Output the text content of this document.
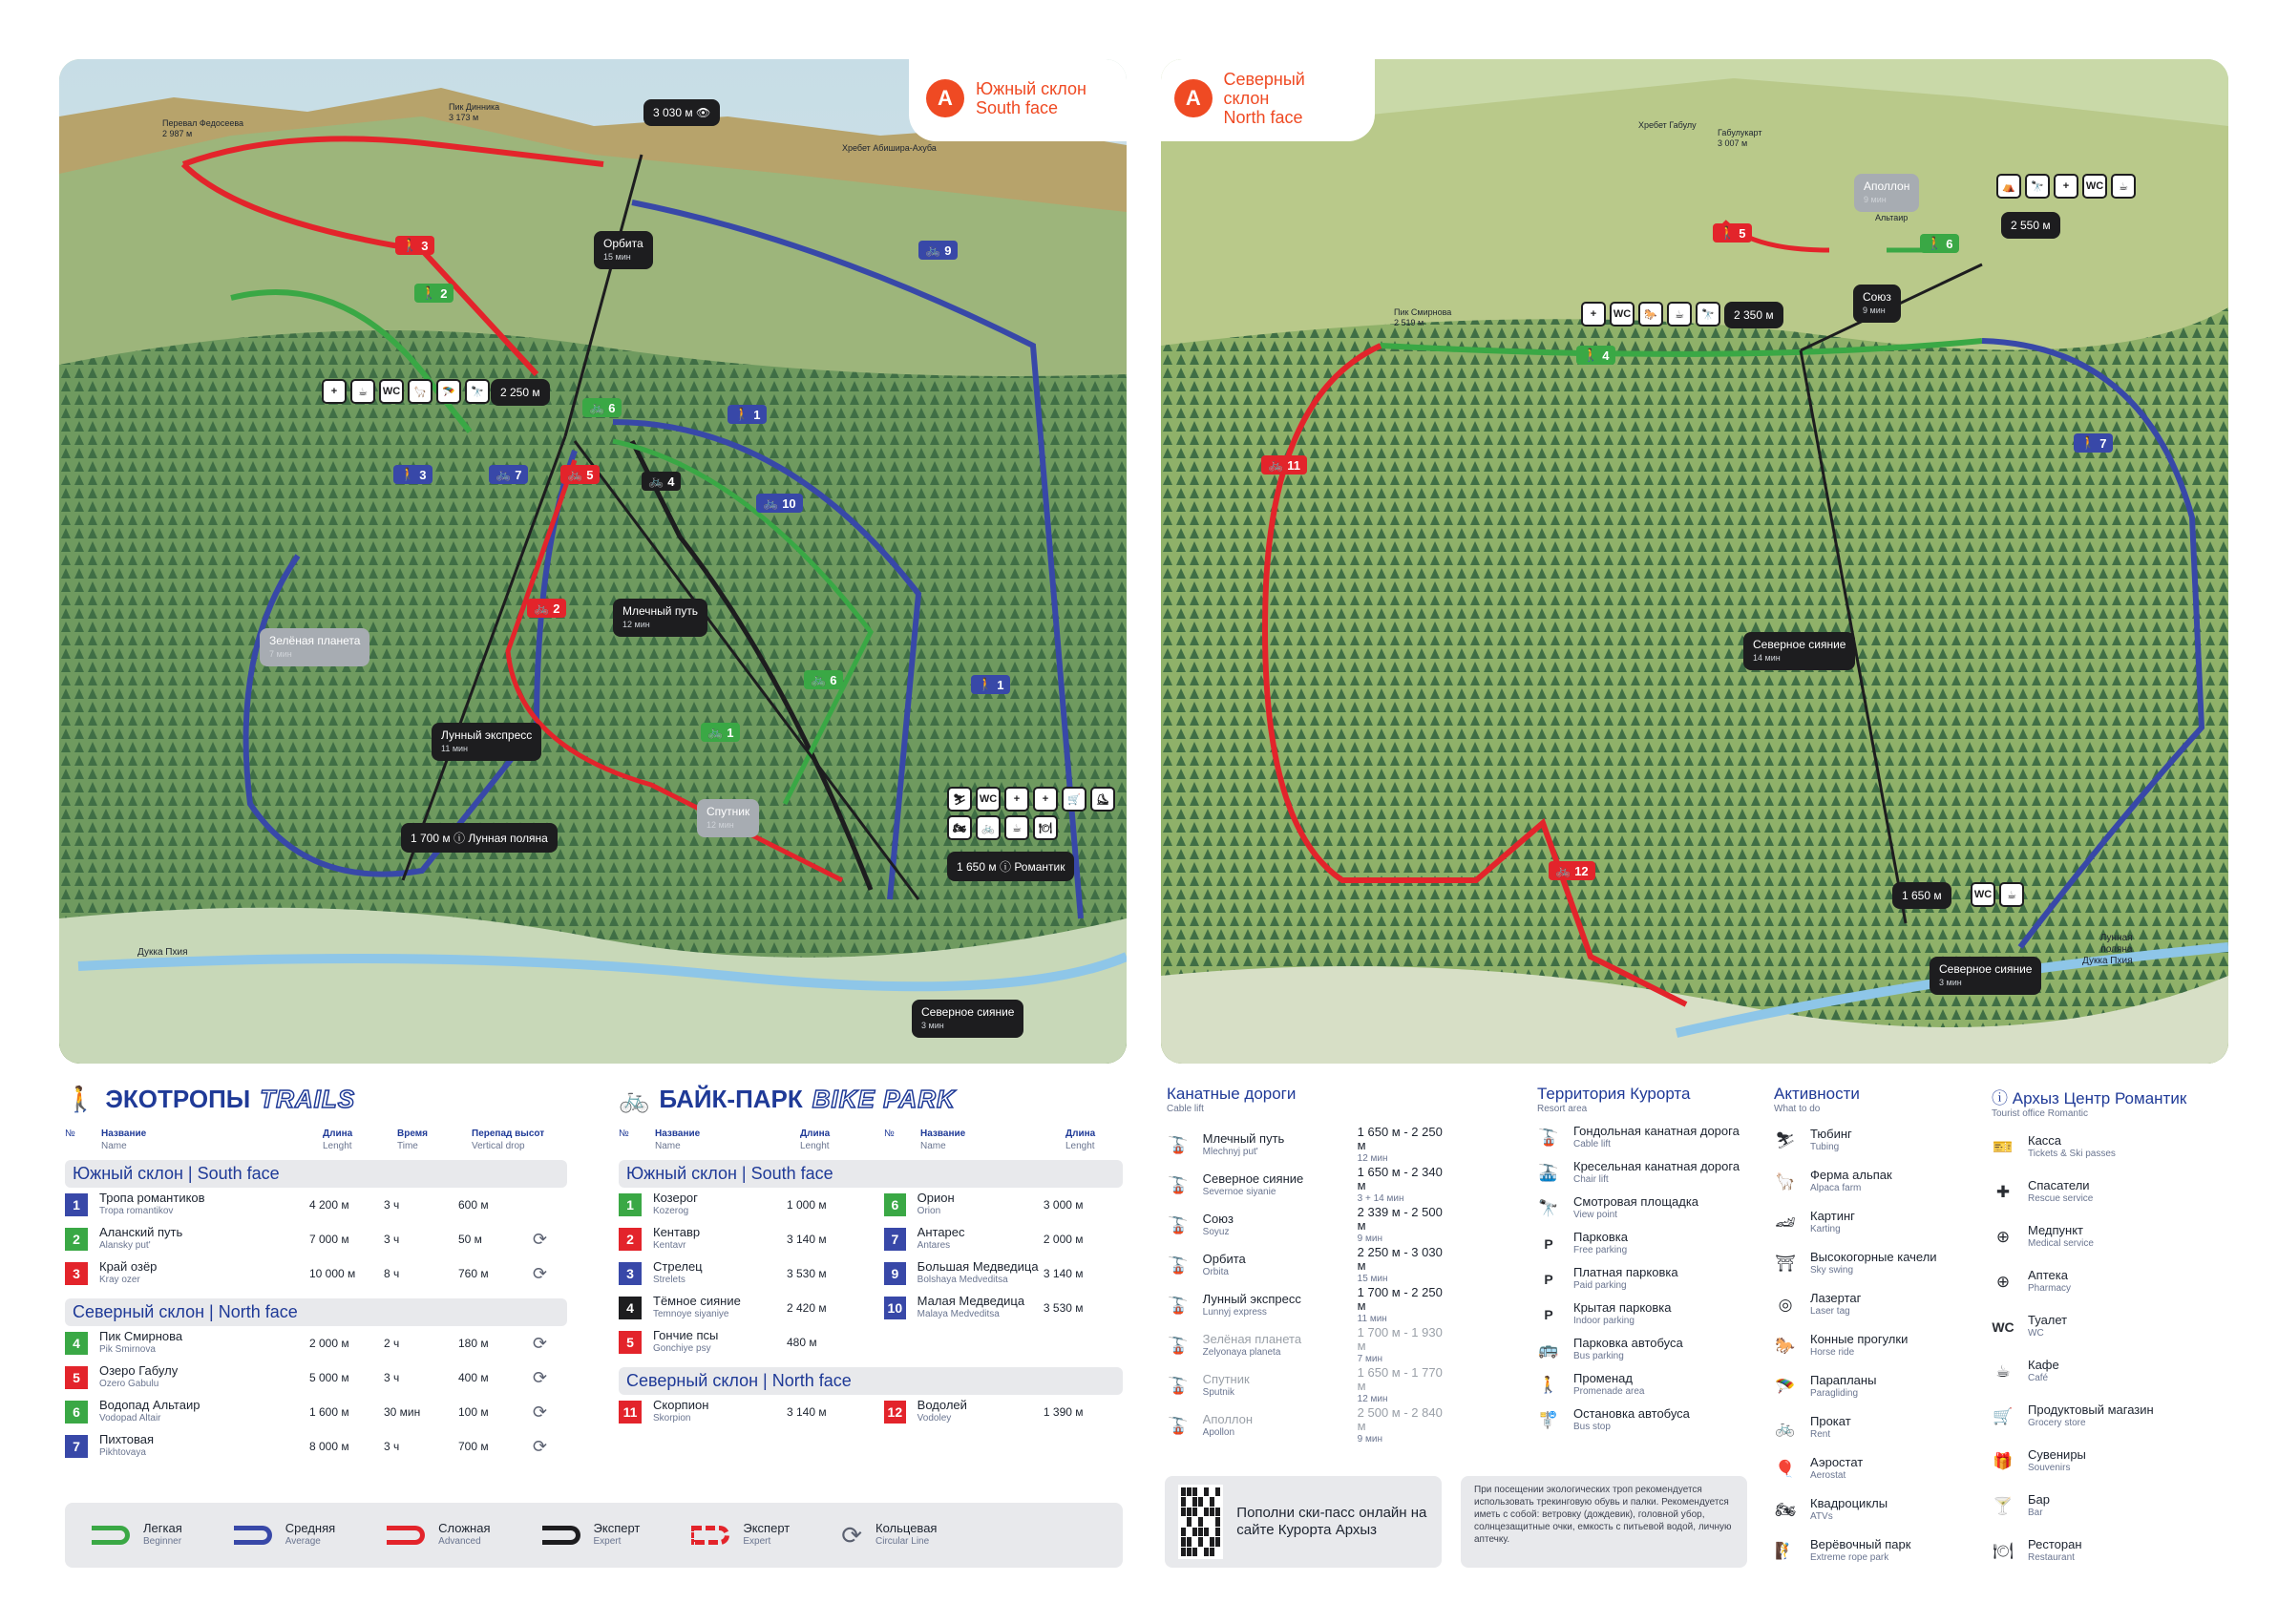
A	Южный склон
South face
Перевал Федосеева
2 987 м
Пик Динника
3 173 м
Хребет Абишира-Ахуба
3 030 м 👁
Орбита
15 мин
+	☕	WC	🦙	🪂	🔭	2 250 м
Млечный путь
12 мин
Лунный экспресс
11 мин
Зелёная планета
7 мин
Спутник
12 мин
Северное сияние
3 мин
1 700 м ⓘ Лунная поляна
⛷	WC	+	+	🛒	⛸
🏍	🚲	☕	🍽
1 650 м ⓘ Романтик
Дукка Пхия
🚶 3
🚶 2
🚲 6	🚶 1
🚶 3	🚲 7	🚲 5	🚲 4
🚲 10
🚲 2
🚲 6
🚲 1
🚶 1
🚲 9
A
Северный склон
North face	Хребет Габулу
Габулукарт
3 007 м
Пик Смирнова
2 519 м

Альтаир
Аполлон
9 мин
⛺	🔭	+	WC	☕
2 550 м
Союз
9 мин
+	WC	🐎	☕	🔭	2 350 м
Северное сияние
14 мин
1 650 м	WC	☕
Северное сияние
3 мин
Лунная
поляна
Дукка Пхия
🚶 5
🚶 6
🚶 4
🚲 11
🚶 7
🚲 12
🚶 ЭКОТРОПЫ TRAILS
№	Название
Name
Длина
Lenght
Время
Time
Перепад высот
Vertical drop
Южный склон | South face
1	Тропа романтиков
Tropa romantikov	4 200 м	3 ч	600 м
2	Аланский путь
Alansky put'	7 000 м	3 ч	50 м	⟳
3	Край озёр
Kray ozer	10 000 м	8 ч	760 м	⟳
Северный склон | North face
4	Пик Смирнова
Pik Smirnova	2 000 м	2 ч	180 м	⟳
5	Озеро Габулу
Ozero Gabulu	5 000 м	3 ч	400 м	⟳
6	Водопад Альтаир
Vodopad Altair	1 600 м	30 мин	100 м	⟳
7	Пихтовая
Pikhtovaya	8 000 м	3 ч	700 м	⟳
🚲 БАЙК-ПАРК BIKE PARK
№	Название
Name
Длина
Lenght
№	Название
Name
Длина
Lenght
Южный склон | South face
1	Козерог
Kozerog	1 000 м
2	Кентавр
Kentavr	3 140 м
3	Стрелец
Strelets	3 530 м
4	Тёмное сияние
Temnoye siyaniye	2 420 м
5	Гончие псы
Gonchiye psy	480 м
6	Орион
Orion	3 000 м
7	Антарес
Antares	2 000 м
9	Большая Медведица
Bolshaya Medveditsa	3 140 м
10 Малая Медведица
Malaya Medveditsa	3 530 м
Северный склон | North face
11	Скорпион
Skorpion	3 140 м	12 Водолей
Vodoley	1 390 м
Легкая
Beginner
Средняя
Average
Сложная
Advanced
Эксперт
Expert
Эксперт
Expert	⟳ Кольцевая
Circular Line
Канатные дороги
Cable lift
🚡 Млечный путь
Mlechnyj put'
1 650 м - 2 250 м
12 мин
🚡 Северное сияние
Severnoe siyanie
1 650 м - 2 340 м
3 + 14 мин
🚡 Союз
Soyuz
2 339 м - 2 500 м
9 мин
🚡 Орбита
Orbita
2 250 м - 3 030 м
15 мин
🚡 Лунный экспресс
Lunnyj express
1 700 м - 2 250 м
11 мин
🚡 Зелёная планета
Zelyonaya planeta
1 700 м - 1 930 м
7 мин
🚡 Спутник
Sputnik
1 650 м - 1 770 м
12 мин
🚡 Аполлон
Apollon
2 500 м - 2 840 м
9 мин
Территория Курорта
Resort area
🚡 Гондольная канатная дорога
Cable lift
🚠 Кресельная канатная дорога
Chair lift
🔭 Смотровая площадка
View point
P	Парковка
Free parking
P	Платная парковка
Paid parking
P	Крытая парковка
Indoor parking
🚌 Парковка автобуса
Bus parking
🚶 Променад
Promenade area
🚏 Остановка автобуса
Bus stop
Активности
What to do
⛷ Тюбинг
Tubing
🦙 Ферма альпак
Alpaca farm
🏎 Картинг
Karting
⛩ Высокогорные качели
Sky swing
◎	Лазертаг
Laser tag
🐎 Конные прогулки
Horse ride
🪂 Парапланы
Paragliding
🚲 Прокат
Rent
🎈 Аэростат
Aerostat
🏍 Квадроциклы
ATVs
🧗 Верёвочный парк
Extreme rope park
ⓘ Архыз Центр Романтик
Tourist office Romantic
🎫 Касса
Tickets & Ski passes
✚	Спасатели
Rescue service
⊕	Медпункт
Medical service
⊕	Аптека
Pharmacy
WC Туалет
WC
☕	Кафе
Café
🛒 Продуктовый магазин
Grocery store
🎁 Сувениры
Souvenirs
🍸 Бар
Bar
🍽 Ресторан
Restaurant
Пополни ски-пасс онлайн на сайте Курорта Архыз
При посещении экологических троп рекомендуется использовать трекинговую обувь и палки. Рекомендуется иметь с собой: ветровку (дождевик), головной убор, солнцезащитные очки, емкость с питьевой водой, личную аптечку.
